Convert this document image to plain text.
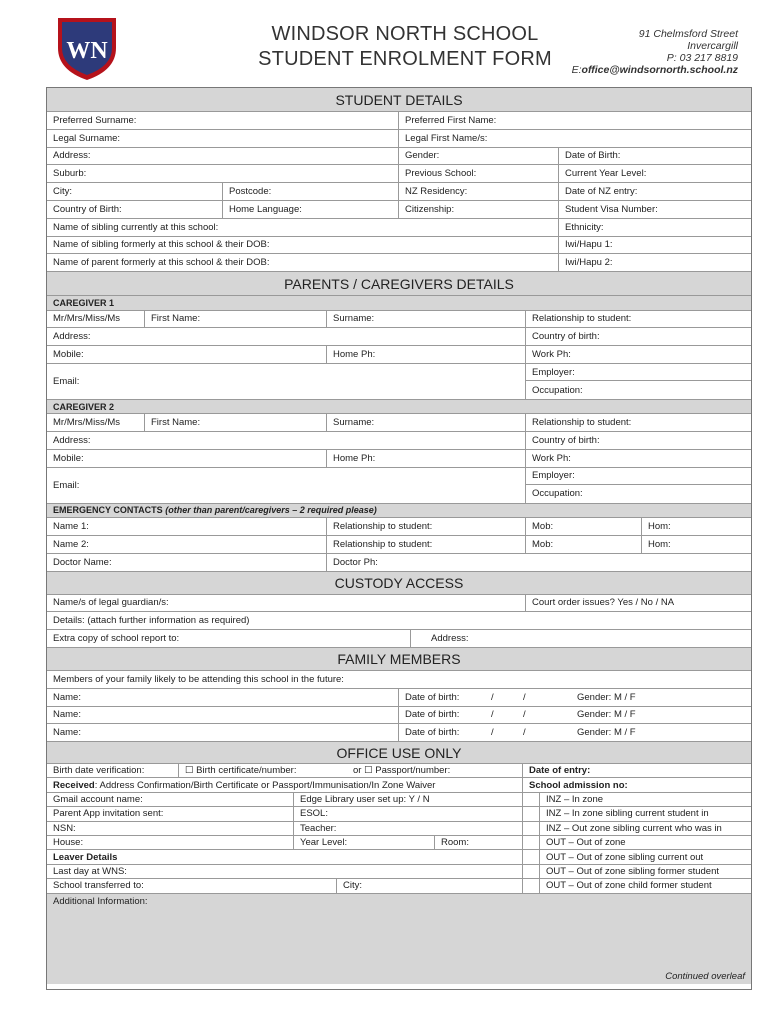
WN
WINDSOR NORTH SCHOOL
STUDENT ENROLMENT FORM
91 Chelmsford Street
Invercargill
P: 03 217 8819
E:office@windsornorth.school.nz
STUDENT DETAILS
Preferred Surname:	Preferred First Name:
Legal Surname:	Legal First Name/s:
Address:	Gender:	Date of Birth:
Suburb:	Previous School:	Current Year Level:
City:	Postcode:	NZ Residency:	Date of NZ entry:
Country of Birth:	Home Language:	Citizenship:	Student Visa Number:
Name of sibling currently at this school:	Ethnicity:
Name of sibling formerly at this school & their DOB:	Iwi/Hapu 1:
Name of parent formerly at this school & their DOB:	Iwi/Hapu 2:
PARENTS / CAREGIVERS DETAILS
CAREGIVER 1
Mr/Mrs/Miss/Ms	First Name:	Surname:	Relationship to student:
Address:	Country of birth:
Mobile:	Home Ph:	Work Ph:
Email:
Employer:
Occupation:
CAREGIVER 2
Mr/Mrs/Miss/Ms	First Name:	Surname:	Relationship to student:
Address:	Country of birth:
Mobile:	Home Ph:	Work Ph:
Email:
Employer:
Occupation:
EMERGENCY CONTACTS
(other than parent/caregivers – 2 required please)
Name 1:	Relationship to student:	Mob:	Hom:
Name 2:	Relationship to student:	Mob:	Hom:
Doctor Name:	Doctor Ph:
CUSTODY ACCESS
Name/s of legal guardian/s:	Court order issues? Yes / No / NA
Details: (attach further information as required)
Extra copy of school report to:	Address:
FAMILY MEMBERS
Members of your family likely to be attending this school in the future:
Name:	Date of birth:	/	/	Gender: M / F
Name:	Date of birth:	/	/	Gender: M / F
Name:	Date of birth:	/	/	Gender: M / F
OFFICE USE ONLY
Birth date verification:	☐ Birth certificate/number:	or ☐ Passport/number:	Date of entry:
Received : Address Confirmation/Birth Certificate or Passport/Immunisation/In Zone Waiver	School admission no:
Gmail account name:	Edge Library user set up: Y / N	INZ – In zone
Parent App invitation sent:	ESOL:	INZ – In zone sibling current student in
NSN:	Teacher:	INZ – Out zone sibling current who was in
House:	Year Level:	Room:	OUT – Out of zone
Leaver Details	OUT – Out of zone sibling current out
Last day at WNS:	OUT – Out of zone sibling former student
School transferred to:	City:	OUT – Out of zone child former student
Additional Information:
Continued overleaf
